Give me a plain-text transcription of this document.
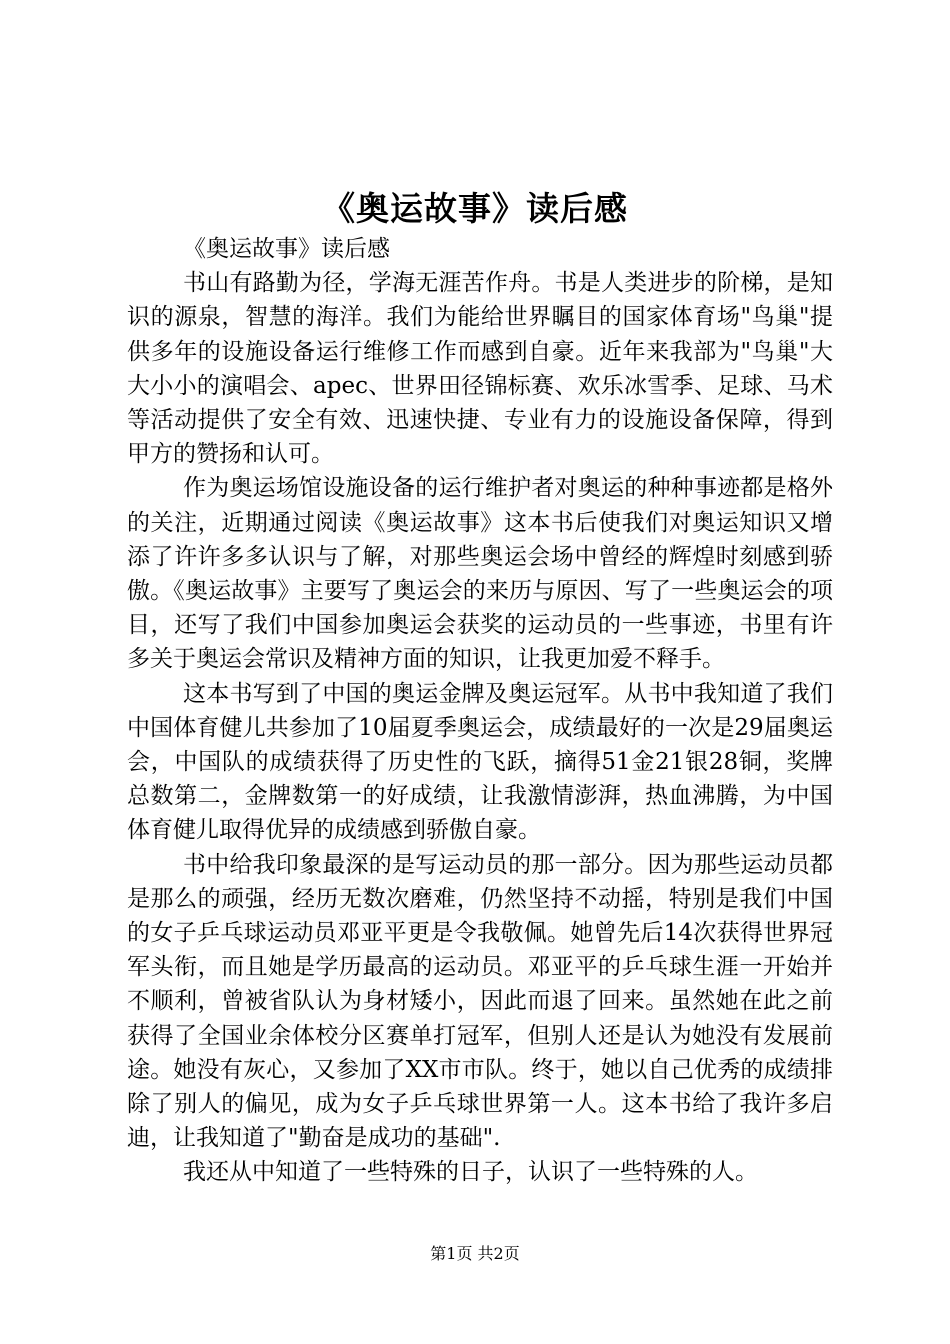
《奥运故事》读后感

《奥运故事》读后感

书山有路勤为径，学海无涯苦作舟。书是人类进步的阶梯，是知识的源泉，智慧的海洋。我们为能给世界瞩目的国家体育场"鸟巢"提供多年的设施设备运行维修工作而感到自豪。近年来我部为"鸟巢"大大小小的演唱会、apec、世界田径锦标赛、欢乐冰雪季、足球、马术等活动提供了安全有效、迅速快捷、专业有力的设施设备保障，得到甲方的赞扬和认可。

作为奥运场馆设施设备的运行维护者对奥运的种种事迹都是格外的关注，近期通过阅读《奥运故事》这本书后使我们对奥运知识又增添了许许多多认识与了解，对那些奥运会场中曾经的辉煌时刻感到骄傲。《奥运故事》主要写了奥运会的来历与原因、写了一些奥运会的项目，还写了我们中国参加奥运会获奖的运动员的一些事迹，书里有许多关于奥运会常识及精神方面的知识，让我更加爱不释手。

这本书写到了中国的奥运金牌及奥运冠军。从书中我知道了我们中国体育健儿共参加了10届夏季奥运会，成绩最好的一次是29届奥运会，中国队的成绩获得了历史性的飞跃，摘得51金21银28铜，奖牌总数第二，金牌数第一的好成绩，让我激情澎湃，热血沸腾，为中国体育健儿取得优异的成绩感到骄傲自豪。

书中给我印象最深的是写运动员的那一部分。因为那些运动员都是那么的顽强，经历无数次磨难，仍然坚持不动摇，特别是我们中国的女子乒乓球运动员邓亚平更是令我敬佩。她曾先后14次获得世界冠军头衔，而且她是学历最高的运动员。邓亚平的乒乓球生涯一开始并不顺利，曾被省队认为身材矮小，因此而退了回来。虽然她在此之前获得了全国业余体校分区赛单打冠军，但别人还是认为她没有发展前途。她没有灰心，又参加了XX市市队。终于，她以自己优秀的成绩排除了别人的偏见，成为女子乒乓球世界第一人。这本书给了我许多启迪，让我知道了"勤奋是成功的基础".

我还从中知道了一些特殊的日子，认识了一些特殊的人。

第1页 共2页
